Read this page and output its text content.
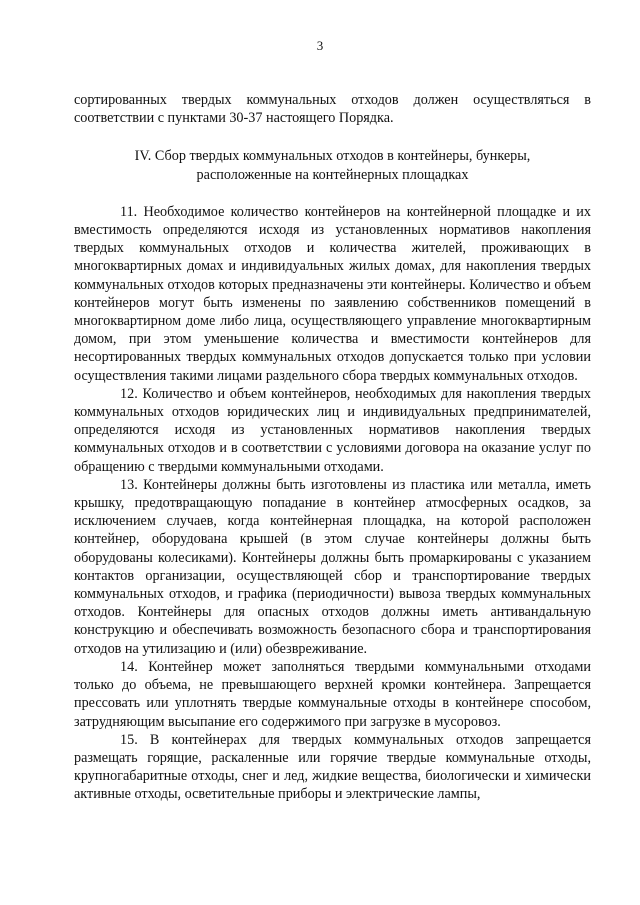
3

сортированных твердых коммунальных отходов должен осуществляться в соответствии с пунктами 30-37 настоящего Порядка.

IV. Сбор твердых коммунальных отходов в контейнеры, бункеры, расположенные на контейнерных площадках

11. Необходимое количество контейнеров на контейнерной площадке и их вместимость определяются исходя из установленных нормативов накопления твердых коммунальных отходов и количества жителей, проживающих в многоквартирных домах и индивидуальных жилых домах, для накопления твердых коммунальных отходов которых предназначены эти контейнеры. Количество и объем контейнеров могут быть изменены по заявлению собственников помещений в многоквартирном доме либо лица, осуществляющего управление многоквартирным домом, при этом уменьшение количества и вместимости контейнеров для несортированных твердых коммунальных отходов допускается только при условии осуществления такими лицами раздельного сбора твердых коммунальных отходов.

12. Количество и объем контейнеров, необходимых для накопления твердых коммунальных отходов юридических лиц и индивидуальных предпринимателей, определяются исходя из установленных нормативов накопления твердых коммунальных отходов и в соответствии с условиями договора на оказание услуг по обращению с твердыми коммунальными отходами.

13. Контейнеры должны быть изготовлены из пластика или металла, иметь крышку, предотвращающую попадание в контейнер атмосферных осадков, за исключением случаев, когда контейнерная площадка, на которой расположен контейнер, оборудована крышей (в этом случае контейнеры должны быть оборудованы колесиками). Контейнеры должны быть промаркированы с указанием контактов организации, осуществляющей сбор и транспортирование твердых коммунальных отходов, и графика (периодичности) вывоза твердых коммунальных отходов. Контейнеры для опасных отходов должны иметь антивандальную конструкцию и обеспечивать возможность безопасного сбора и транспортирования отходов на утилизацию и (или) обезвреживание.

14. Контейнер может заполняться твердыми коммунальными отходами только до объема, не превышающего верхней кромки контейнера. Запрещается прессовать или уплотнять твердые коммунальные отходы в контейнере способом, затрудняющим высыпание его содержимого при загрузке в мусоровоз.

15. В контейнерах для твердых коммунальных отходов запрещается размещать горящие, раскаленные или горячие твердые коммунальные отходы, крупногабаритные отходы, снег и лед, жидкие вещества, биологически и химически активные отходы, осветительные приборы и электрические лампы,
